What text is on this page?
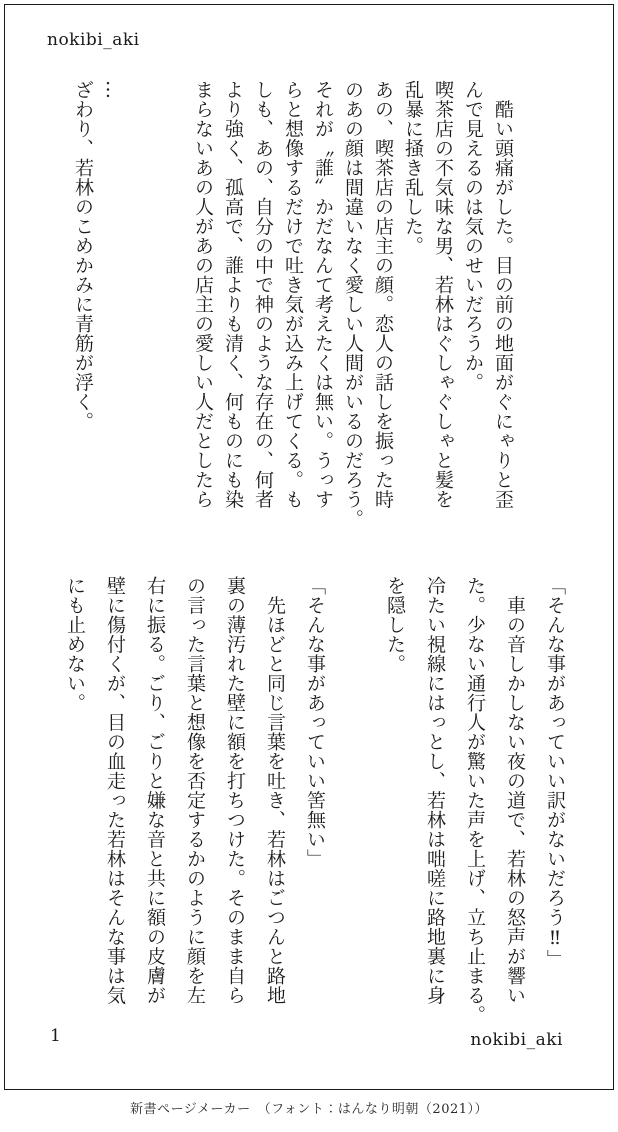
nokibi_aki
　酷い頭痛がした。目の前の地面がぐにゃりと歪
んで見えるのは気のせいだろうか。
喫茶店の不気味な男、若林はぐしゃぐしゃと髪を
乱暴に掻き乱した。
あの、喫茶店の店主の顔。恋人の話しを振った時
のあの顔は間違いなく愛しい人間がいるのだろう。
それが〝誰〟かだなんて考えたくは無い。うっす
らと想像するだけで吐き気が込み上げてくる。も
しも、あの、自分の中で神のような存在の、何者
より強く、孤高で、誰よりも清く、何ものにも染
まらないあの人があの店主の愛しい人だとしたら

…
ざわり、若林のこめかみに青筋が浮く。
「そんな事があっていい訳がないだろう‼」
　車の音しかしない夜の道で、若林の怒声が響い
た。少ない通行人が驚いた声を上げ、立ち止まる。
冷たい視線にはっとし、若林は咄嗟に路地裏に身
を隠した。

「そんな事があっていい筈無い」
　先ほどと同じ言葉を吐き、若林はごつんと路地
裏の薄汚れた壁に額を打ちつけた。そのまま自ら
の言った言葉と想像を否定するかのように顔を左
右に振る。ごり、ごりと嫌な音と共に額の皮膚が
壁に傷付くが、目の血走った若林はそんな事は気
にも止めない。
1	nokibi_aki
新書ページメーカー　（フォント：はんなり明朝（2021））
